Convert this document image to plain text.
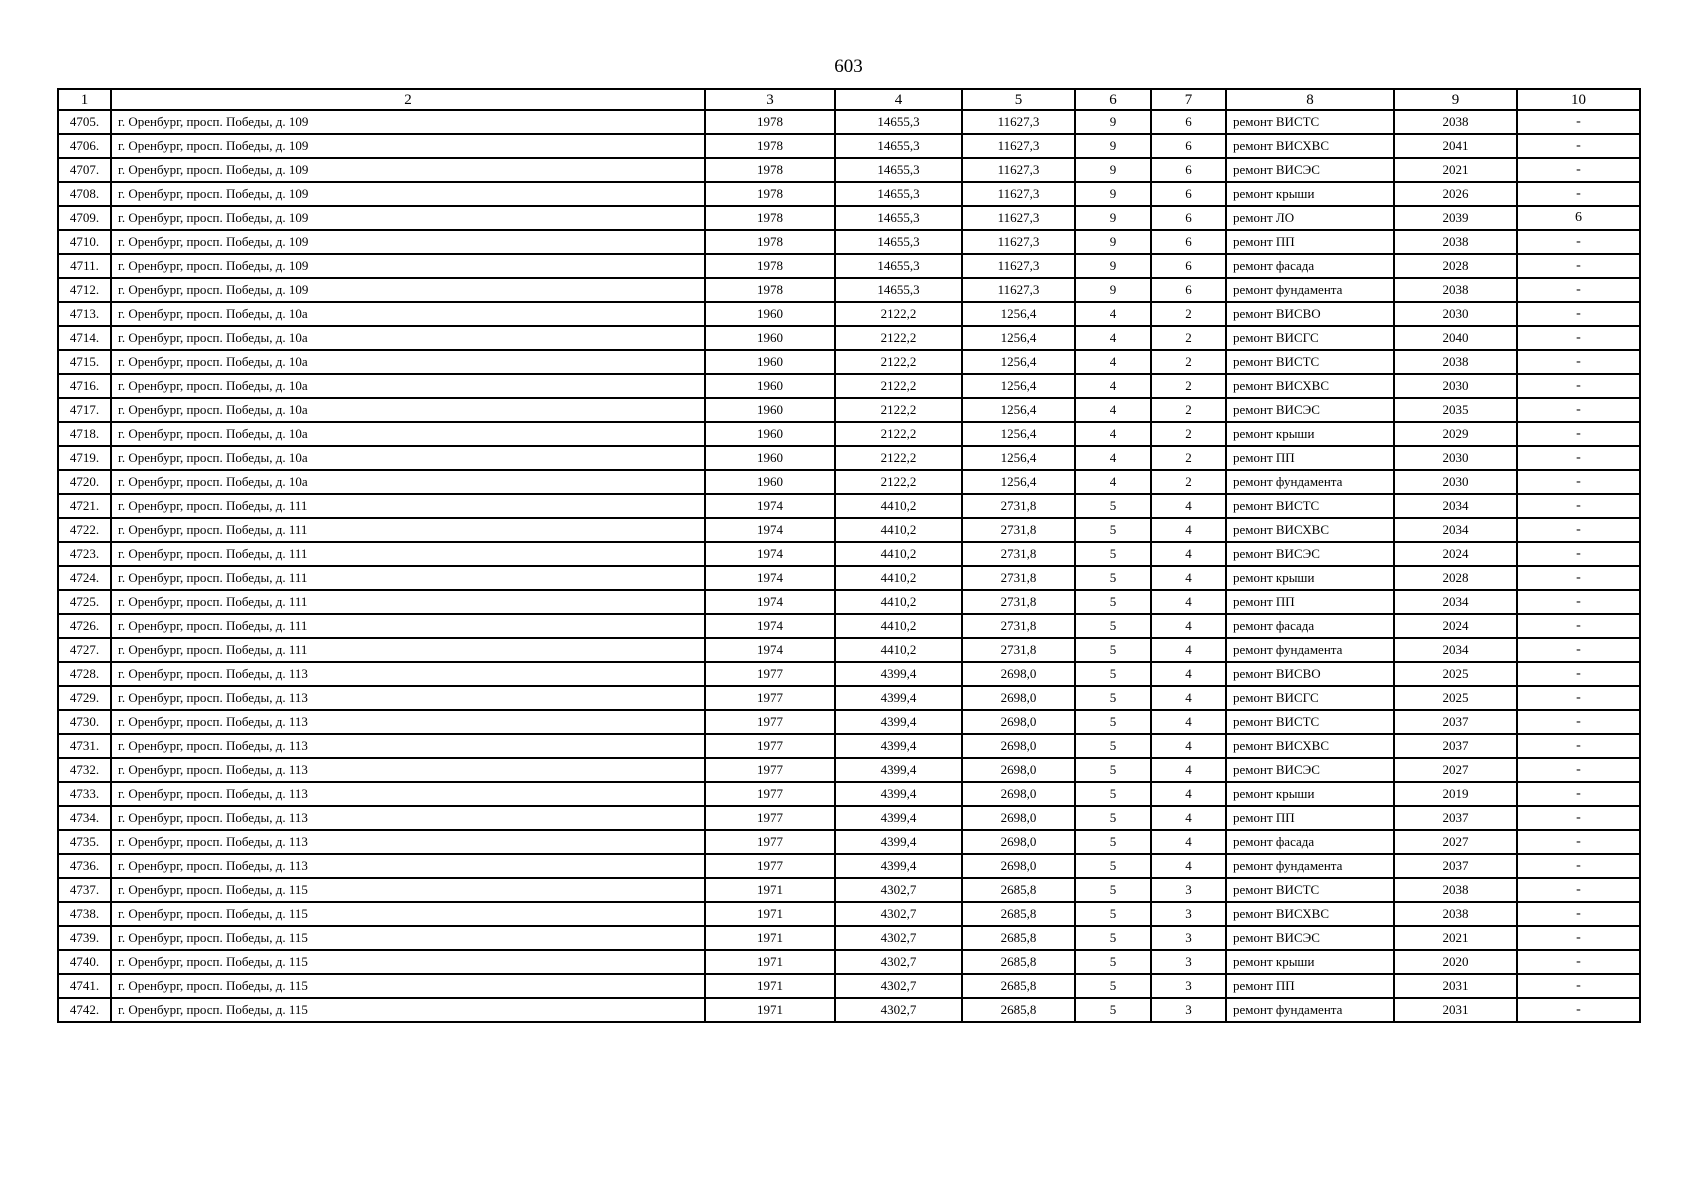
603
1	2	3	4	5	6	7	8	9	10
4705.	г. Оренбург, просп. Победы, д. 109	1978	14655,3	11627,3	9	6	ремонт ВИСТС	2038	-
4706.	г. Оренбург, просп. Победы, д. 109	1978	14655,3	11627,3	9	6	ремонт ВИСХВС	2041	-
4707.	г. Оренбург, просп. Победы, д. 109	1978	14655,3	11627,3	9	6	ремонт ВИСЭС	2021	-
4708.	г. Оренбург, просп. Победы, д. 109	1978	14655,3	11627,3	9	6	ремонт крыши	2026	-
4709.	г. Оренбург, просп. Победы, д. 109	1978	14655,3	11627,3	9	6	ремонт ЛО	2039	6
4710.	г. Оренбург, просп. Победы, д. 109	1978	14655,3	11627,3	9	6	ремонт ПП	2038	-
4711.	г. Оренбург, просп. Победы, д. 109	1978	14655,3	11627,3	9	6	ремонт фасада	2028	-
4712.	г. Оренбург, просп. Победы, д. 109	1978	14655,3	11627,3	9	6	ремонт фундамента	2038	-
4713.	г. Оренбург, просп. Победы, д. 10а	1960	2122,2	1256,4	4	2	ремонт ВИСВО	2030	-
4714.	г. Оренбург, просп. Победы, д. 10а	1960	2122,2	1256,4	4	2	ремонт ВИСГС	2040	-
4715.	г. Оренбург, просп. Победы, д. 10а	1960	2122,2	1256,4	4	2	ремонт ВИСТС	2038	-
4716.	г. Оренбург, просп. Победы, д. 10а	1960	2122,2	1256,4	4	2	ремонт ВИСХВС	2030	-
4717.	г. Оренбург, просп. Победы, д. 10а	1960	2122,2	1256,4	4	2	ремонт ВИСЭС	2035	-
4718.	г. Оренбург, просп. Победы, д. 10а	1960	2122,2	1256,4	4	2	ремонт крыши	2029	-
4719.	г. Оренбург, просп. Победы, д. 10а	1960	2122,2	1256,4	4	2	ремонт ПП	2030	-
4720.	г. Оренбург, просп. Победы, д. 10а	1960	2122,2	1256,4	4	2	ремонт фундамента	2030	-
4721.	г. Оренбург, просп. Победы, д. 111	1974	4410,2	2731,8	5	4	ремонт ВИСТС	2034	-
4722.	г. Оренбург, просп. Победы, д. 111	1974	4410,2	2731,8	5	4	ремонт ВИСХВС	2034	-
4723.	г. Оренбург, просп. Победы, д. 111	1974	4410,2	2731,8	5	4	ремонт ВИСЭС	2024	-
4724.	г. Оренбург, просп. Победы, д. 111	1974	4410,2	2731,8	5	4	ремонт крыши	2028	-
4725.	г. Оренбург, просп. Победы, д. 111	1974	4410,2	2731,8	5	4	ремонт ПП	2034	-
4726.	г. Оренбург, просп. Победы, д. 111	1974	4410,2	2731,8	5	4	ремонт фасада	2024	-
4727.	г. Оренбург, просп. Победы, д. 111	1974	4410,2	2731,8	5	4	ремонт фундамента	2034	-
4728.	г. Оренбург, просп. Победы, д. 113	1977	4399,4	2698,0	5	4	ремонт ВИСВО	2025	-
4729.	г. Оренбург, просп. Победы, д. 113	1977	4399,4	2698,0	5	4	ремонт ВИСГС	2025	-
4730.	г. Оренбург, просп. Победы, д. 113	1977	4399,4	2698,0	5	4	ремонт ВИСТС	2037	-
4731.	г. Оренбург, просп. Победы, д. 113	1977	4399,4	2698,0	5	4	ремонт ВИСХВС	2037	-
4732.	г. Оренбург, просп. Победы, д. 113	1977	4399,4	2698,0	5	4	ремонт ВИСЭС	2027	-
4733.	г. Оренбург, просп. Победы, д. 113	1977	4399,4	2698,0	5	4	ремонт крыши	2019	-
4734.	г. Оренбург, просп. Победы, д. 113	1977	4399,4	2698,0	5	4	ремонт ПП	2037	-
4735.	г. Оренбург, просп. Победы, д. 113	1977	4399,4	2698,0	5	4	ремонт фасада	2027	-
4736.	г. Оренбург, просп. Победы, д. 113	1977	4399,4	2698,0	5	4	ремонт фундамента	2037	-
4737.	г. Оренбург, просп. Победы, д. 115	1971	4302,7	2685,8	5	3	ремонт ВИСТС	2038	-
4738.	г. Оренбург, просп. Победы, д. 115	1971	4302,7	2685,8	5	3	ремонт ВИСХВС	2038	-
4739.	г. Оренбург, просп. Победы, д. 115	1971	4302,7	2685,8	5	3	ремонт ВИСЭС	2021	-
4740.	г. Оренбург, просп. Победы, д. 115	1971	4302,7	2685,8	5	3	ремонт крыши	2020	-
4741.	г. Оренбург, просп. Победы, д. 115	1971	4302,7	2685,8	5	3	ремонт ПП	2031	-
4742.	г. Оренбург, просп. Победы, д. 115	1971	4302,7	2685,8	5	3	ремонт фундамента	2031	-
